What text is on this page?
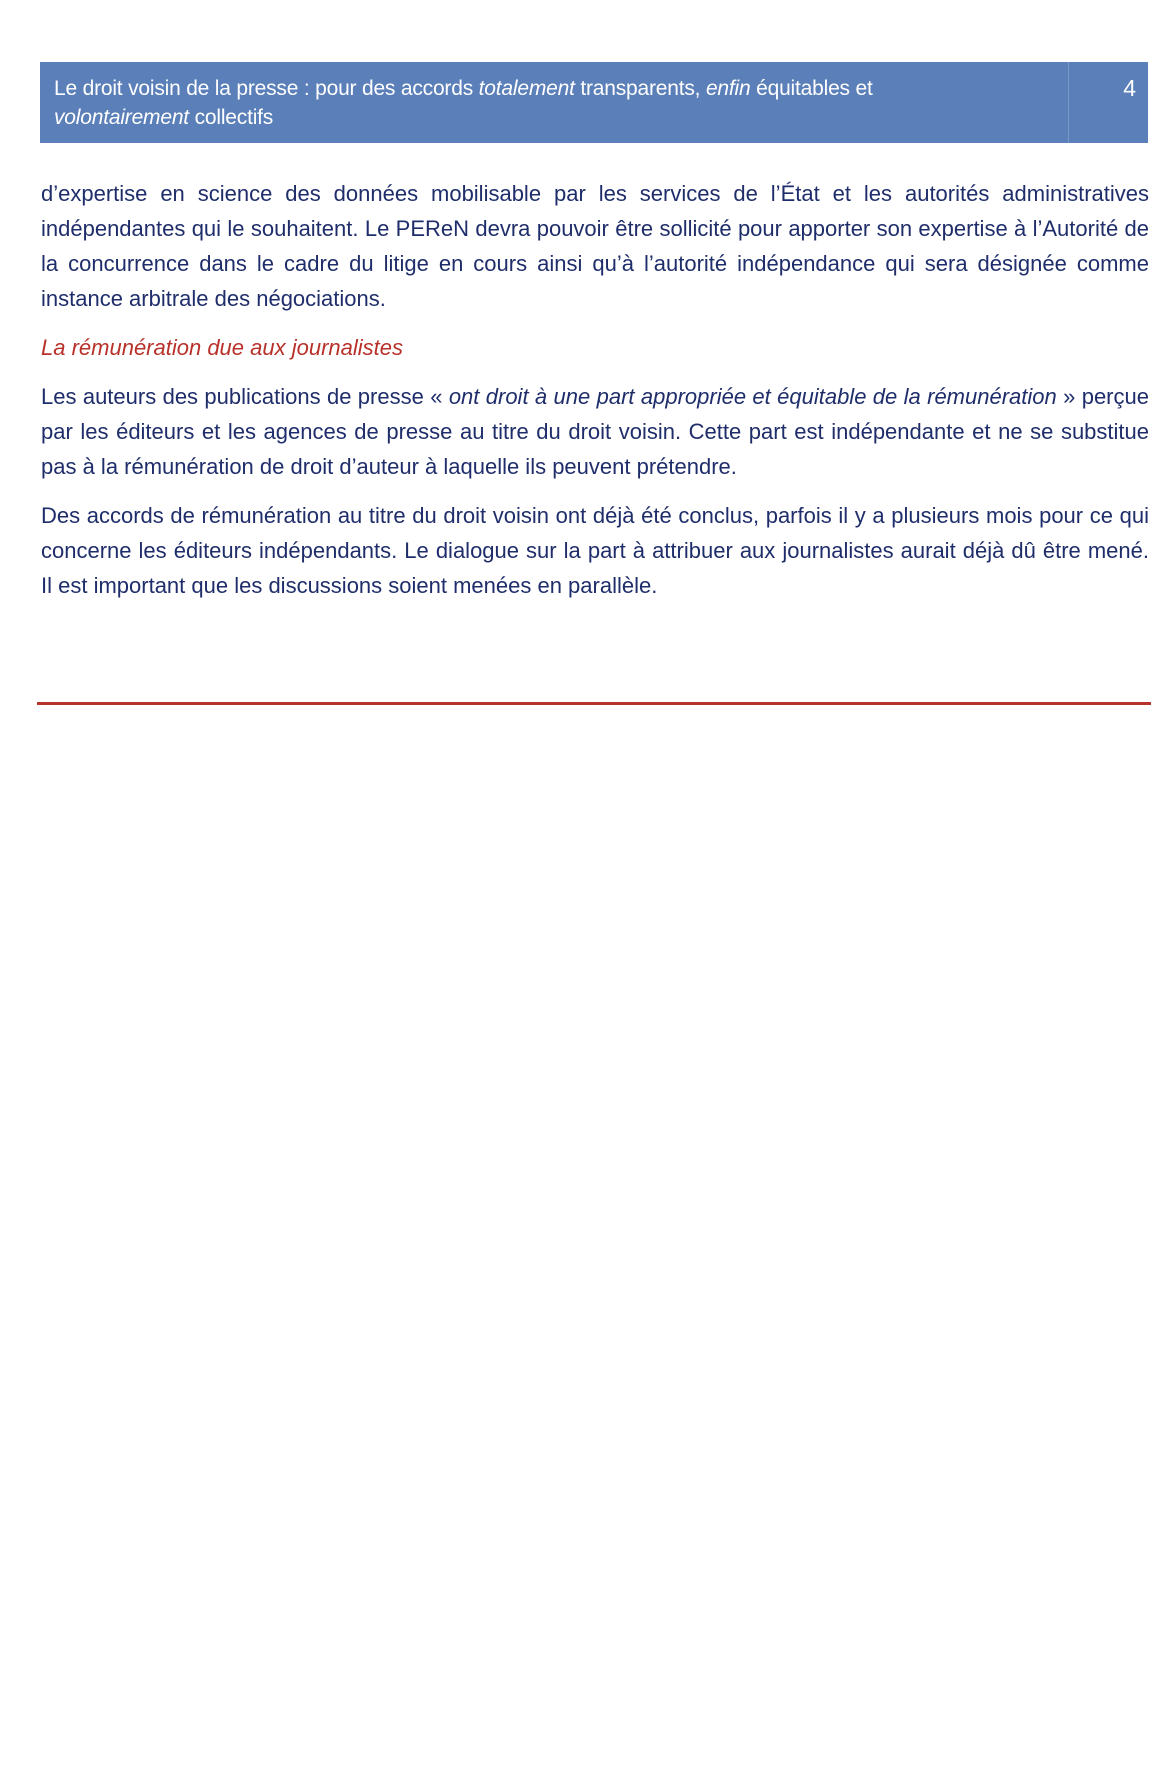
Le droit voisin de la presse : pour des accords totalement transparents, enfin équitables et
volontairement collectifs
4

d’expertise en science des données mobilisable par les services de l’État et les autorités administratives indépendantes qui le souhaitent. Le PEReN devra pouvoir être sollicité pour apporter son expertise à l’Autorité de la concurrence dans le cadre du litige en cours ainsi qu’à l’autorité indépendance qui sera désignée comme instance arbitrale des négociations.

La rémunération due aux journalistes

Les auteurs des publications de presse « ont droit à une part appropriée et équitable de la rémunération » perçue par les éditeurs et les agences de presse au titre du droit voisin. Cette part est indépendante et ne se substitue pas à la rémunération de droit d’auteur à laquelle ils peuvent prétendre.

Des accords de rémunération au titre du droit voisin ont déjà été conclus, parfois il y a plusieurs mois pour ce qui concerne les éditeurs indépendants. Le dialogue sur la part à attribuer aux journalistes aurait déjà dû être mené. Il est important que les discussions soient menées en parallèle.
